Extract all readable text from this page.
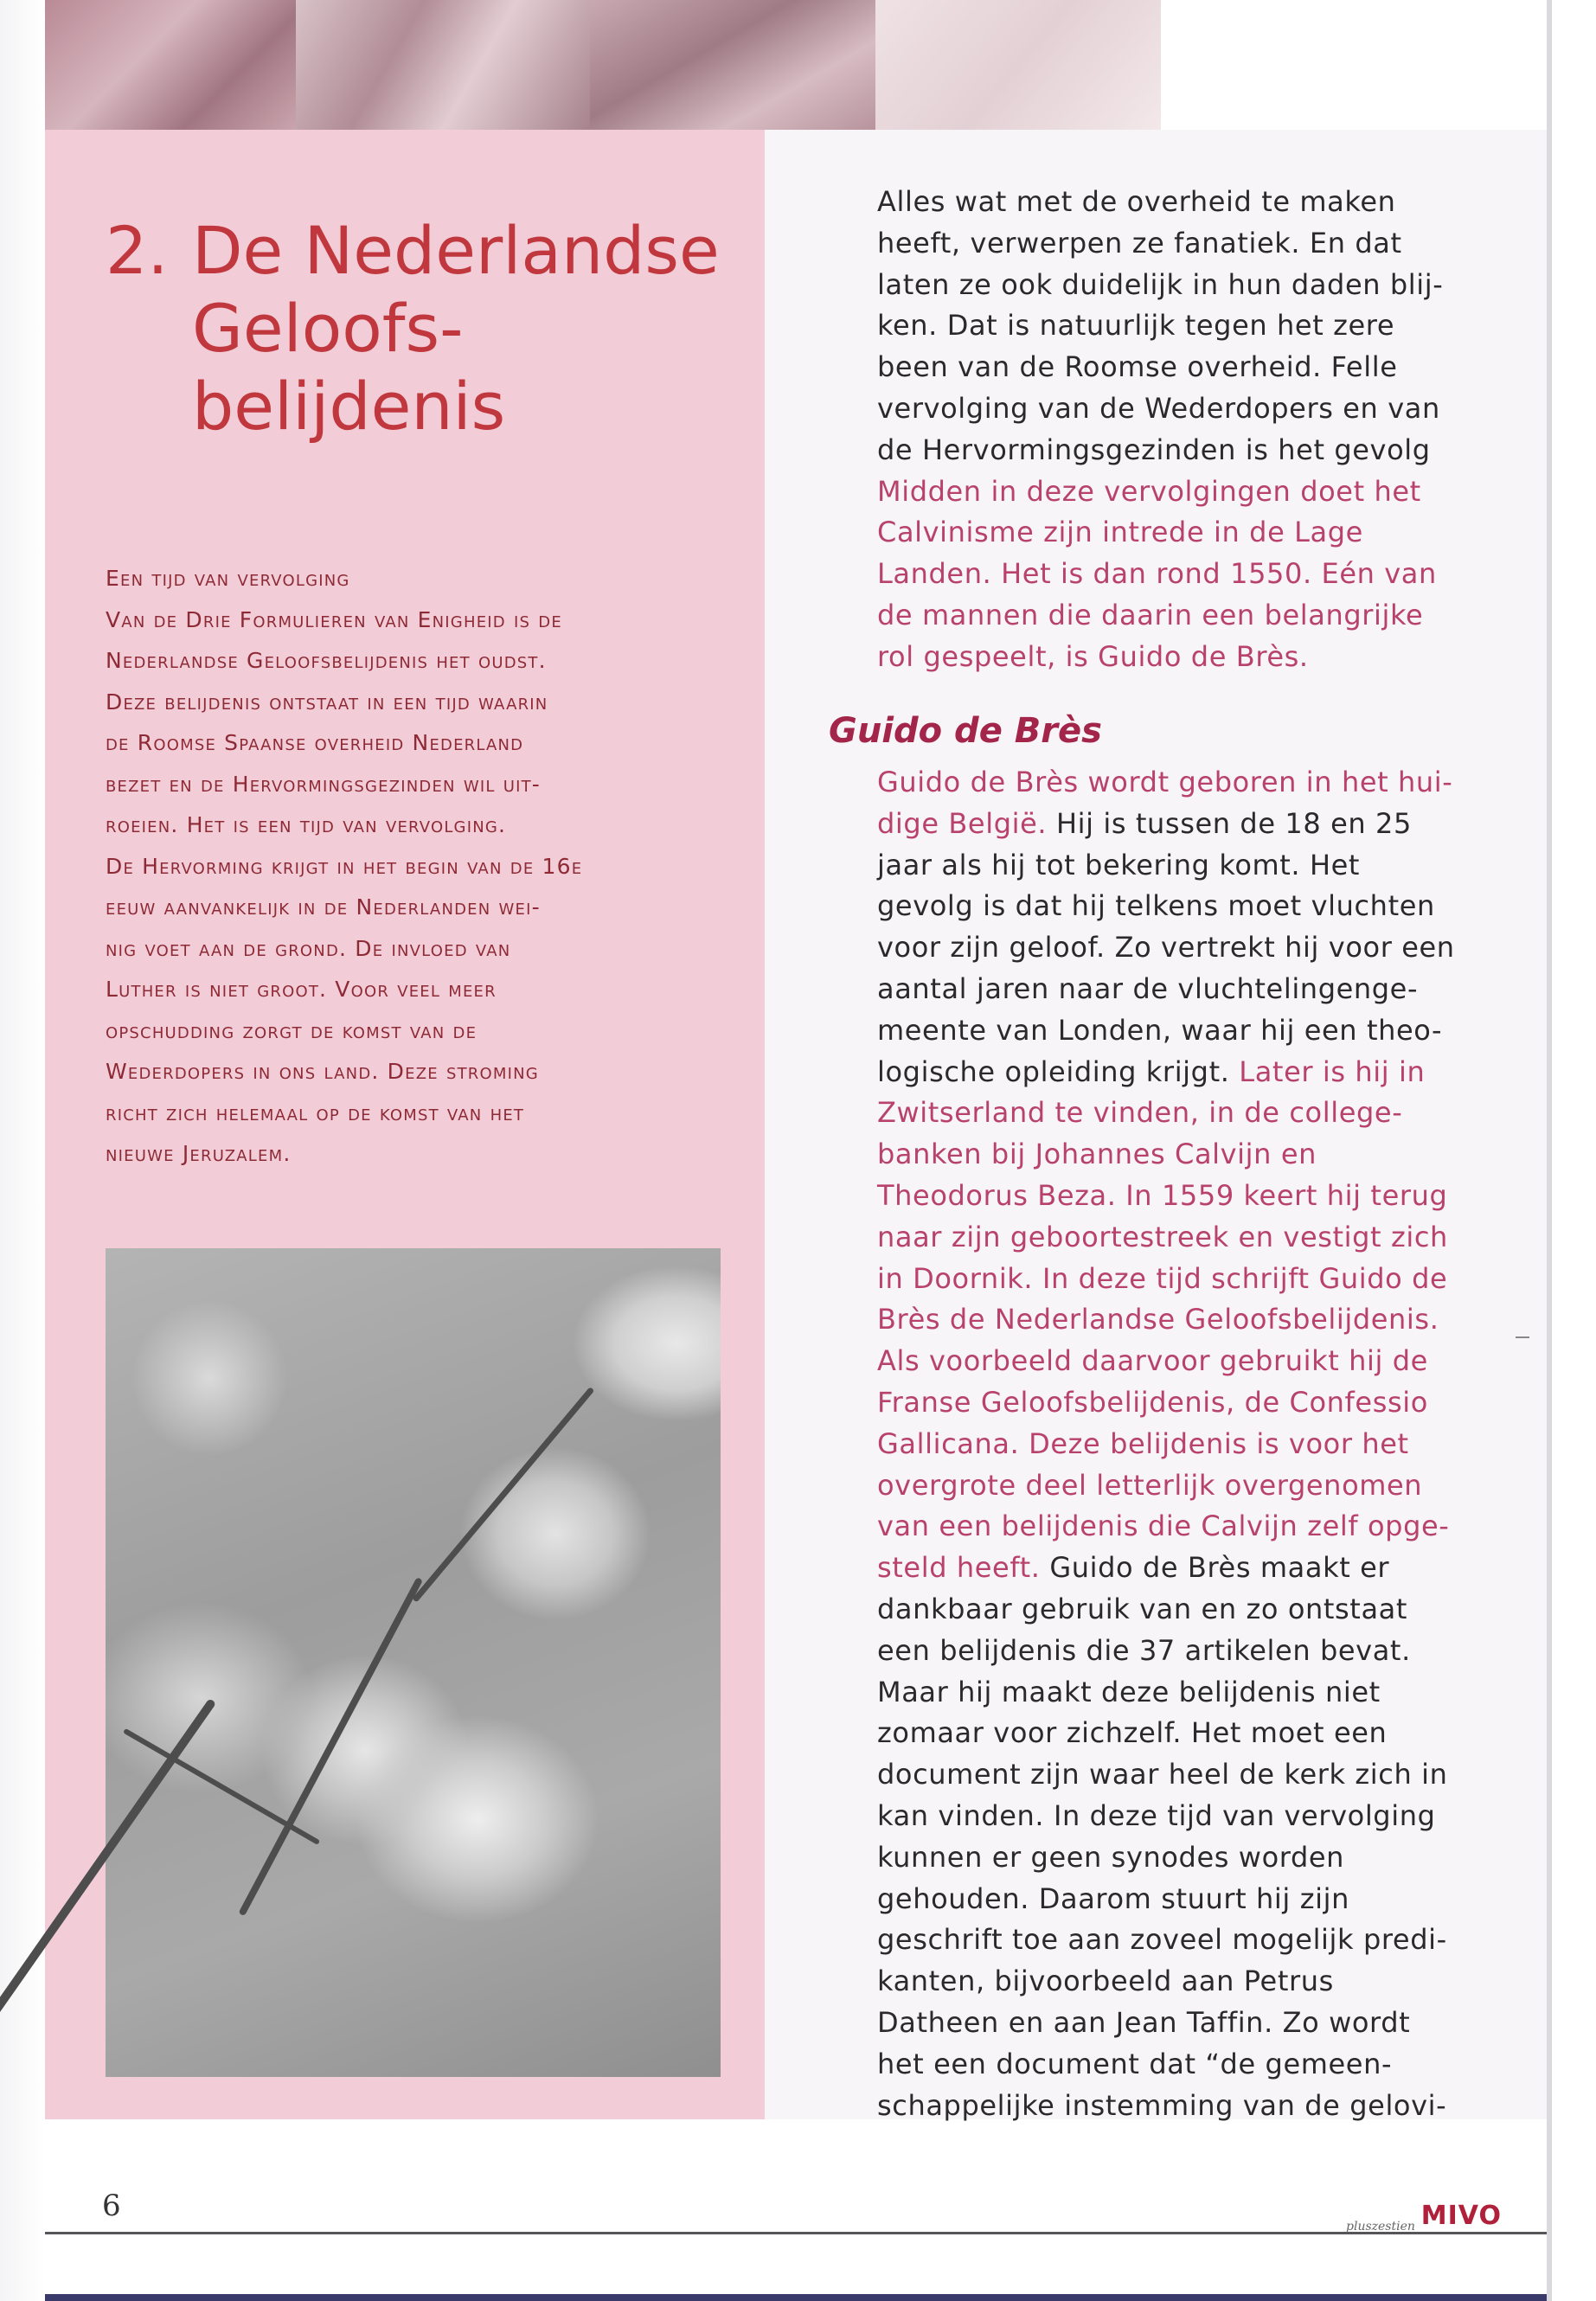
2. De Nederlandse
Geloofs-
belijdenis
Een tijd van vervolging
Van de Drie Formulieren van Enigheid is de
Nederlandse Geloofsbelijdenis het oudst.
Deze belijdenis ontstaat in een tijd waarin
de Roomse Spaanse overheid Nederland
bezet en de Hervormingsgezinden wil uit-
roeien. Het is een tijd van vervolging.
De Hervorming krijgt in het begin van de 16e
eeuw aanvankelijk in de Nederlanden wei-
nig voet aan de grond. De invloed van
Luther is niet groot. Voor veel meer
opschudding zorgt de komst van de
Wederdopers in ons land. Deze stroming
richt zich helemaal op de komst van het
nieuwe Jeruzalem.
Alles wat met de overheid te maken
heeft, verwerpen ze fanatiek. En dat
laten ze ook duidelijk in hun daden blij-
ken. Dat is natuurlijk tegen het zere
been van de Roomse overheid. Felle
vervolging van de Wederdopers en van
de Hervormingsgezinden is het gevolg
Midden in deze vervolgingen doet het
Calvinisme zijn intrede in de Lage
Landen. Het is dan rond 1550. Eén van
de mannen die daarin een belangrijke
rol gespeelt, is Guido de Brès.
Guido de Brès
Guido de Brès wordt geboren in het hui-
dige België. Hij is tussen de 18 en 25
jaar als hij tot bekering komt. Het
gevolg is dat hij telkens moet vluchten
voor zijn geloof. Zo vertrekt hij voor een
aantal jaren naar de vluchtelingenge-
meente van Londen, waar hij een theo-
logische opleiding krijgt. Later is hij in
Zwitserland te vinden, in de college-
banken bij Johannes Calvijn en
Theodorus Beza. In 1559 keert hij terug
naar zijn geboortestreek en vestigt zich
in Doornik. In deze tijd schrijft Guido de
Brès de Nederlandse Geloofsbelijdenis.
Als voorbeeld daarvoor gebruikt hij de
Franse Geloofsbelijdenis, de Confessio
Gallicana. Deze belijdenis is voor het
overgrote deel letterlijk overgenomen
van een belijdenis die Calvijn zelf opge-
steld heeft. Guido de Brès maakt er
dankbaar gebruik van en zo ontstaat
een belijdenis die 37 artikelen bevat.
Maar hij maakt deze belijdenis niet
zomaar voor zichzelf. Het moet een
document zijn waar heel de kerk zich in
kan vinden. In deze tijd van vervolging
kunnen er geen synodes worden
gehouden. Daarom stuurt hij zijn
geschrift toe aan zoveel mogelijk predi-
kanten, bijvoorbeeld aan Petrus
Datheen en aan Jean Taffin. Zo wordt
het een document dat “de gemeen-
schappelijke instemming van de gelovi-
6
pluszestien MIVO
